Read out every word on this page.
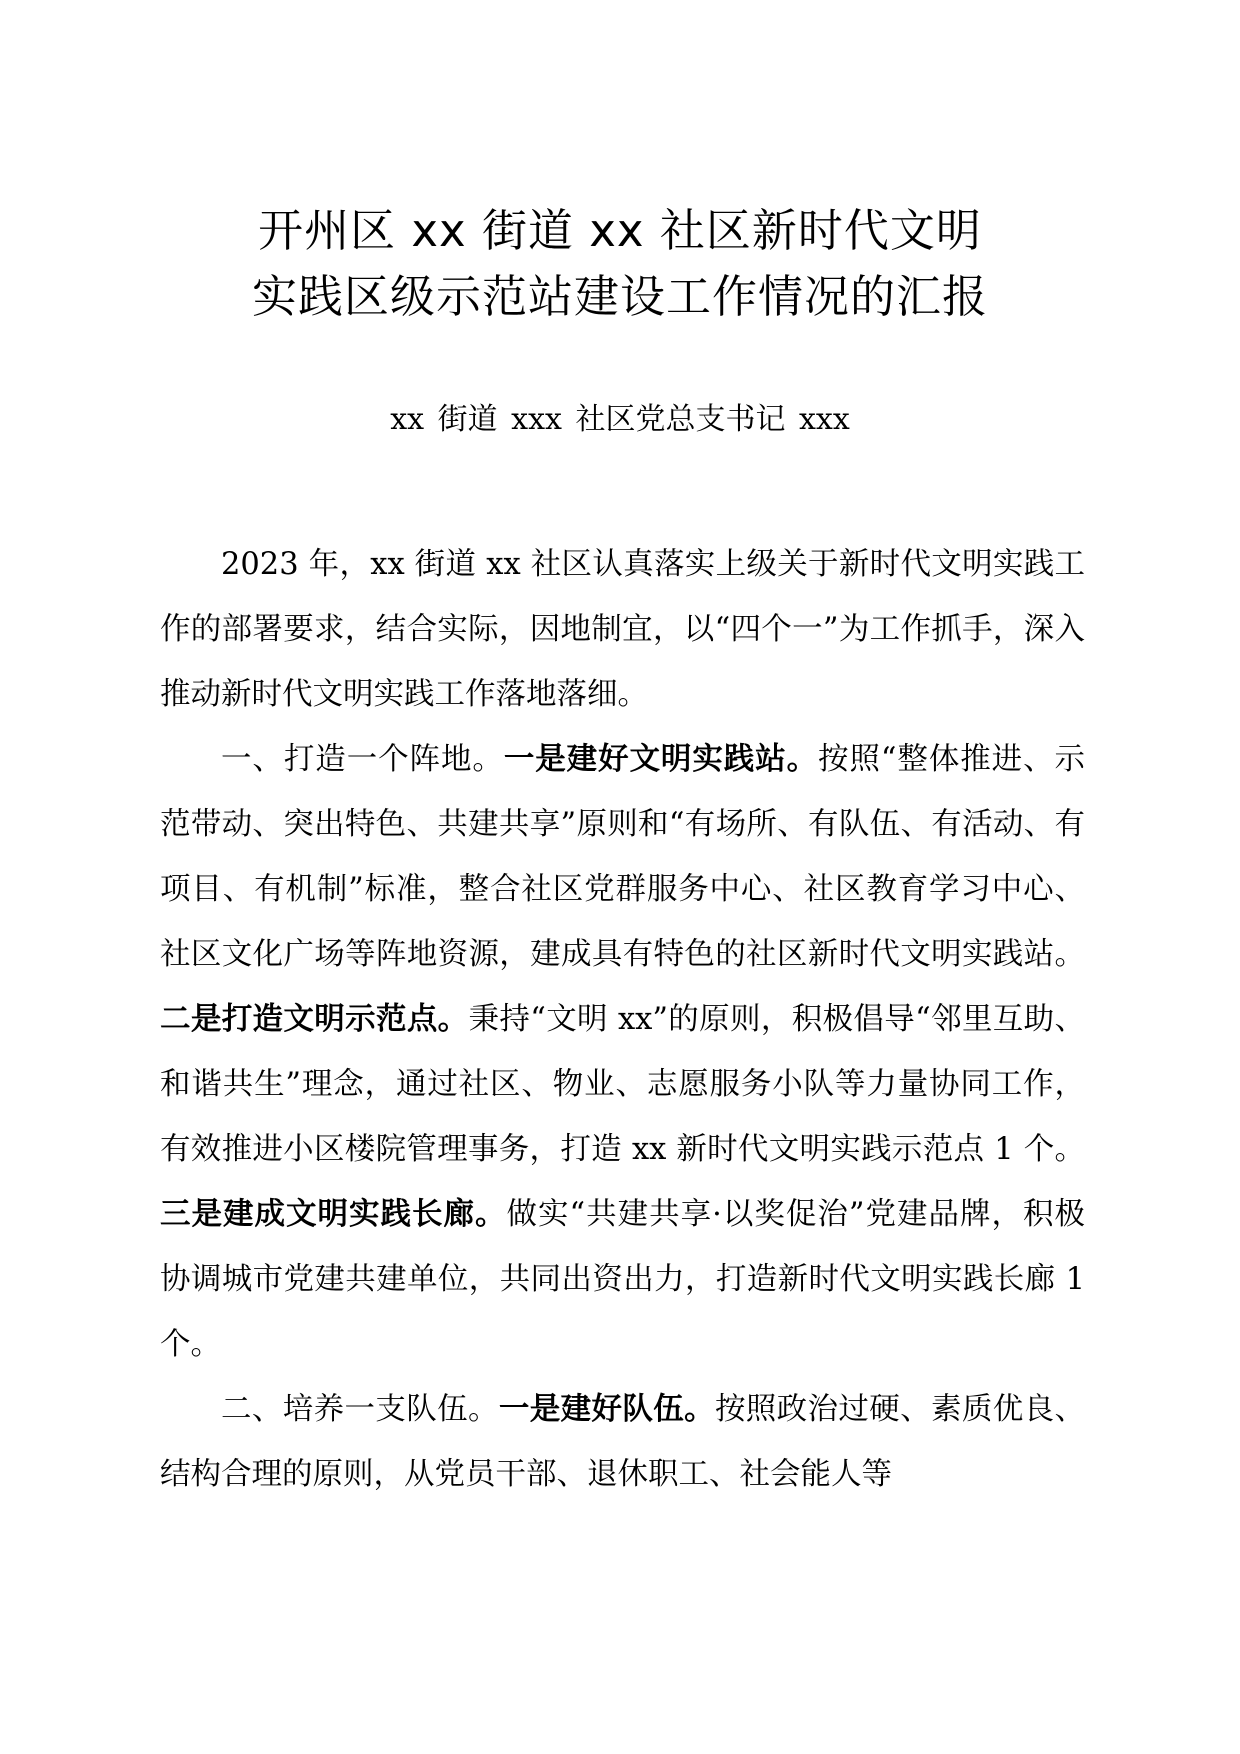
开州区 xx 街道 xx 社区新时代文明
实践区级示范站建设工作情况的汇报
xx 街道 xxx 社区党总支书记 xxx

2023 年，xx 街道 xx 社区认真落实上级关于新时代文明实践工作的部署要求，结合实际，因地制宜，以“四个一”为工作抓手，深入推动新时代文明实践工作落地落细。

一、打造一个阵地。一是建好文明实践站。按照“整体推进、示范带动、突出特色、共建共享”原则和“有场所、有队伍、有活动、有项目、有机制”标准，整合社区党群服务中心、社区教育学习中心、社区文化广场等阵地资源，建成具有特色的社区新时代文明实践站。二是打造文明示范点。秉持“文明 xx”的原则，积极倡导“邻里互助、和谐共生”理念，通过社区、物业、志愿服务小队等力量协同工作，有效推进小区楼院管理事务，打造 xx 新时代文明实践示范点 1 个。三是建成文明实践长廊。做实“共建共享·以奖促治”党建品牌，积极协调城市党建共建单位，共同出资出力，打造新时代文明实践长廊 1 个。

二、培养一支队伍。一是建好队伍。按照政治过硬、素质优良、结构合理的原则，从党员干部、退休职工、社会能人等
